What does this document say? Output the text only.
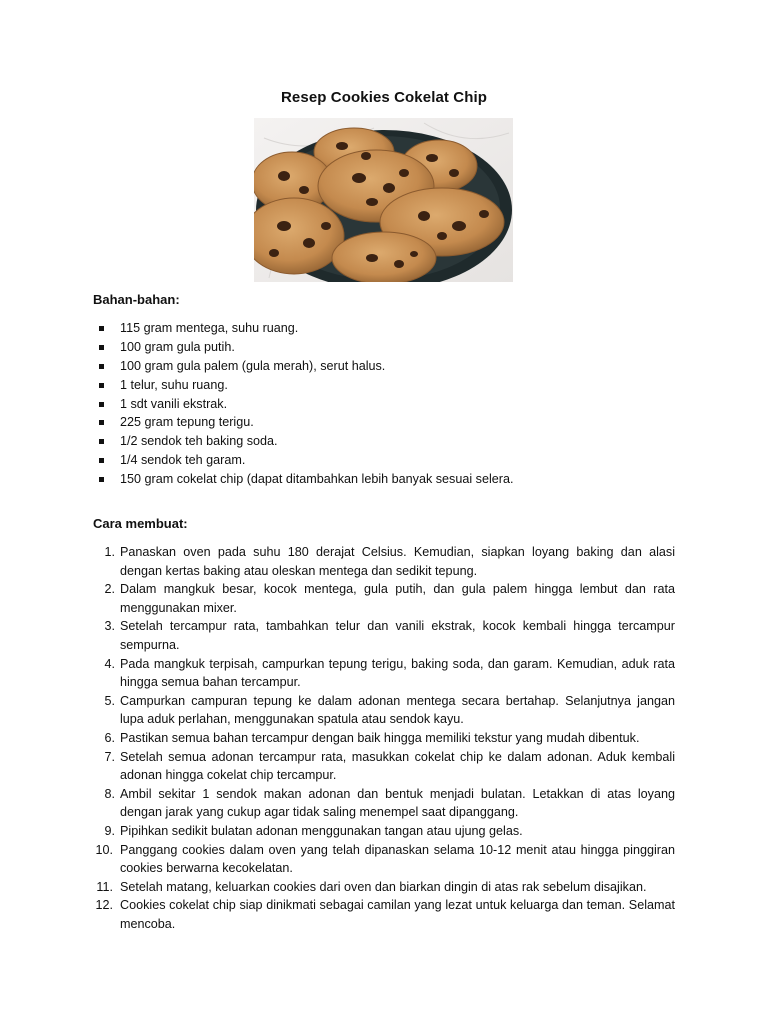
Resep Cookies Cokelat Chip
Bahan-bahan:
115 gram mentega, suhu ruang.
100 gram gula putih.
100 gram gula palem (gula merah), serut halus.
1 telur, suhu ruang.
1 sdt vanili ekstrak.
225 gram tepung terigu.
1/2 sendok teh baking soda.
1/4 sendok teh garam.
150 gram cokelat chip (dapat ditambahkan lebih banyak sesuai selera.
Cara membuat:
1. Panaskan oven pada suhu 180 derajat Celsius. Kemudian, siapkan loyang baking dan alasi dengan kertas baking atau oleskan mentega dan sedikit tepung.
2. Dalam mangkuk besar, kocok mentega, gula putih, dan gula palem hingga lembut dan rata menggunakan mixer.
3. Setelah tercampur rata, tambahkan telur dan vanili ekstrak, kocok kembali hingga tercampur sempurna.
4. Pada mangkuk terpisah, campurkan tepung terigu, baking soda, dan garam. Kemudian, aduk rata hingga semua bahan tercampur.
5. Campurkan campuran tepung ke dalam adonan mentega secara bertahap. Selanjutnya jangan lupa aduk perlahan, menggunakan spatula atau sendok kayu.
6. Pastikan semua bahan tercampur dengan baik hingga memiliki tekstur yang mudah dibentuk.
7. Setelah semua adonan tercampur rata, masukkan cokelat chip ke dalam adonan. Aduk kembali adonan hingga cokelat chip tercampur.
8. Ambil sekitar 1 sendok makan adonan dan bentuk menjadi bulatan. Letakkan di atas loyang dengan jarak yang cukup agar tidak saling menempel saat dipanggang.
9. Pipihkan sedikit bulatan adonan menggunakan tangan atau ujung gelas.
10. Panggang cookies dalam oven yang telah dipanaskan selama 10-12 menit atau hingga pinggiran cookies berwarna kecokelatan.
11. Setelah matang, keluarkan cookies dari oven dan biarkan dingin di atas rak sebelum disajikan.
12. Cookies cokelat chip siap dinikmati sebagai camilan yang lezat untuk keluarga dan teman. Selamat mencoba.
